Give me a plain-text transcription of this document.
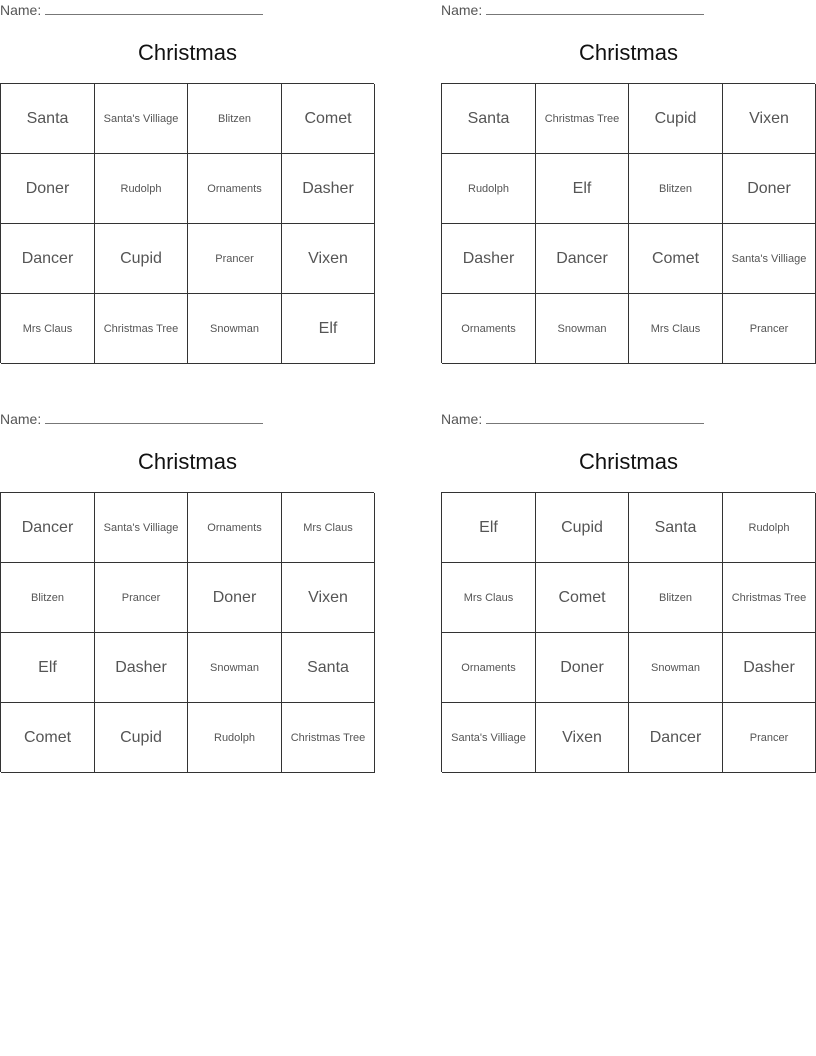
Name:
Christmas
Santa	Santa's Villiage	Blitzen	Comet
Doner	Rudolph	Ornaments	Dasher
Dancer	Cupid	Prancer	Vixen
Mrs Claus	Christmas Tree	Snowman	Elf
Name:
Christmas
Santa	Christmas Tree	Cupid	Vixen
Rudolph	Elf	Blitzen	Doner
Dasher	Dancer	Comet	Santa's Villiage
Ornaments	Snowman	Mrs Claus	Prancer
Name:
Christmas
Dancer	Santa's Villiage	Ornaments	Mrs Claus
Blitzen	Prancer	Doner	Vixen
Elf	Dasher	Snowman	Santa
Comet	Cupid	Rudolph	Christmas Tree
Name:
Christmas
Elf	Cupid	Santa	Rudolph
Mrs Claus	Comet	Blitzen	Christmas Tree
Ornaments	Doner	Snowman	Dasher
Santa's Villiage	Vixen	Dancer	Prancer
